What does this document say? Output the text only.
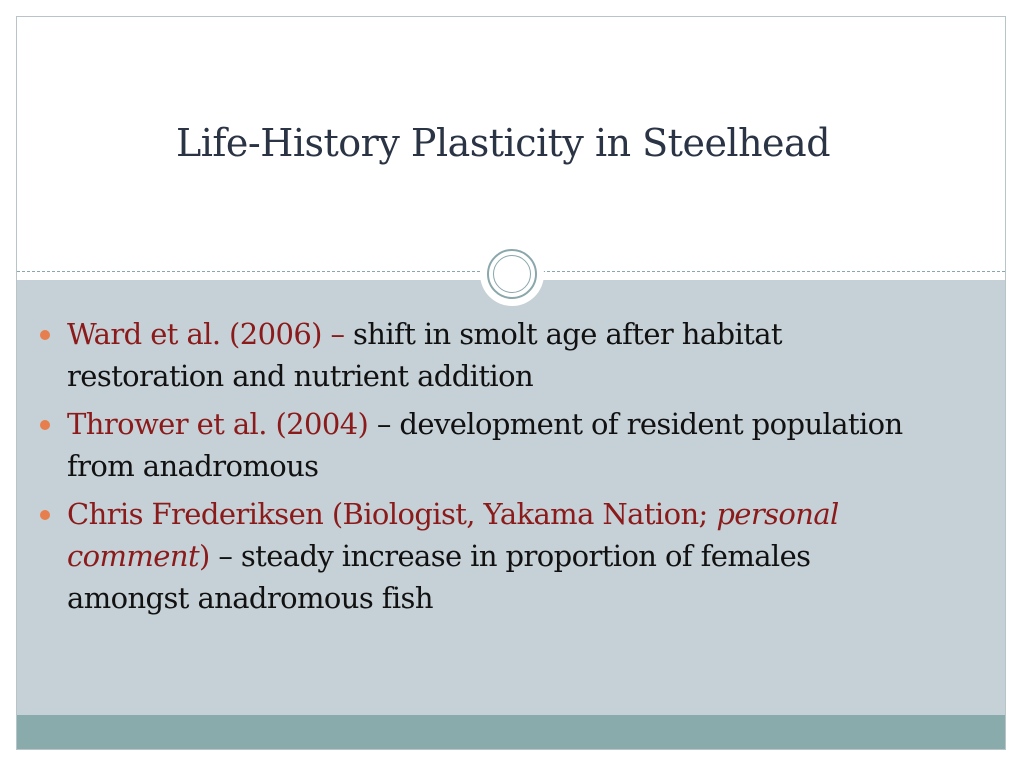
Life-History Plasticity in Steelhead
Ward et al. (2006) – shift in smolt age after habitat restoration and nutrient addition
Thrower et al. (2004) – development of resident population from anadromous
Chris Frederiksen (Biologist, Yakama Nation; personal comment) – steady increase in proportion of females amongst anadromous fish
